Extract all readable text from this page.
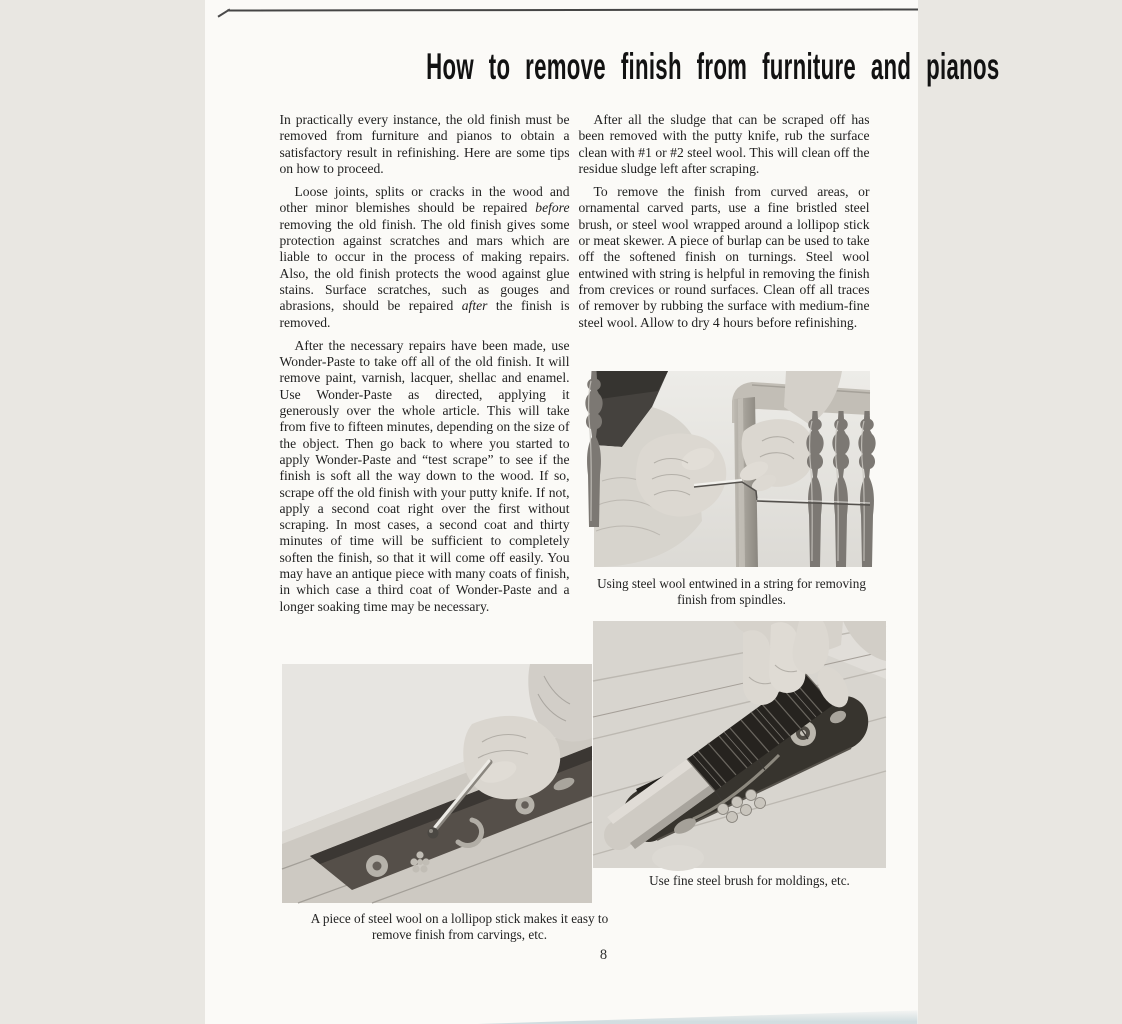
How to remove finish from furniture and pianos

In practically every instance, the old finish must be removed from furniture and pianos to obtain a satisfactory result in refinishing. Here are some tips on how to proceed.

Loose joints, splits or cracks in the wood and other minor blemishes should be repaired before removing the old finish. The old finish gives some protection against scratches and mars which are liable to occur in the process of making repairs. Also, the old finish protects the wood against glue stains. Surface scratches, such as gouges and abrasions, should be repaired after the finish is removed.

After the necessary repairs have been made, use Wonder-Paste to take off all of the old finish. It will remove paint, varnish, lacquer, shellac and enamel. Use Wonder-Paste as directed, applying it generously over the whole article. This will take from five to fifteen minutes, depending on the size of the object. Then go back to where you started to apply Wonder-Paste and “test scrape” to see if the finish is soft all the way down to the wood. If so, scrape off the old finish with your putty knife. If not, apply a second coat right over the first without scraping. In most cases, a second coat and thirty minutes of time will be sufficient to completely soften the finish, so that it will come off easily. You may have an antique piece with many coats of finish, in which case a third coat of Wonder-Paste and a longer soaking time may be necessary.

After all the sludge that can be scraped off has been removed with the putty knife, rub the surface clean with #1 or #2 steel wool. This will clean off the residue sludge left after scraping.

To remove the finish from curved areas, or ornamental carved parts, use a fine bristled steel brush, or steel wool wrapped around a lollipop stick or meat skewer. A piece of burlap can be used to take off the softened finish on turnings. Steel wool entwined with string is helpful in removing the finish from crevices or round surfaces. Clean off all traces of remover by rubbing the surface with medium-fine steel wool. Allow to dry 4 hours before refinishing.

Using steel wool entwined in a string for removing finish from spindles.
A piece of steel wool on a lollipop stick makes it easy to remove finish from carvings, etc.
Use fine steel brush for moldings, etc.
8
